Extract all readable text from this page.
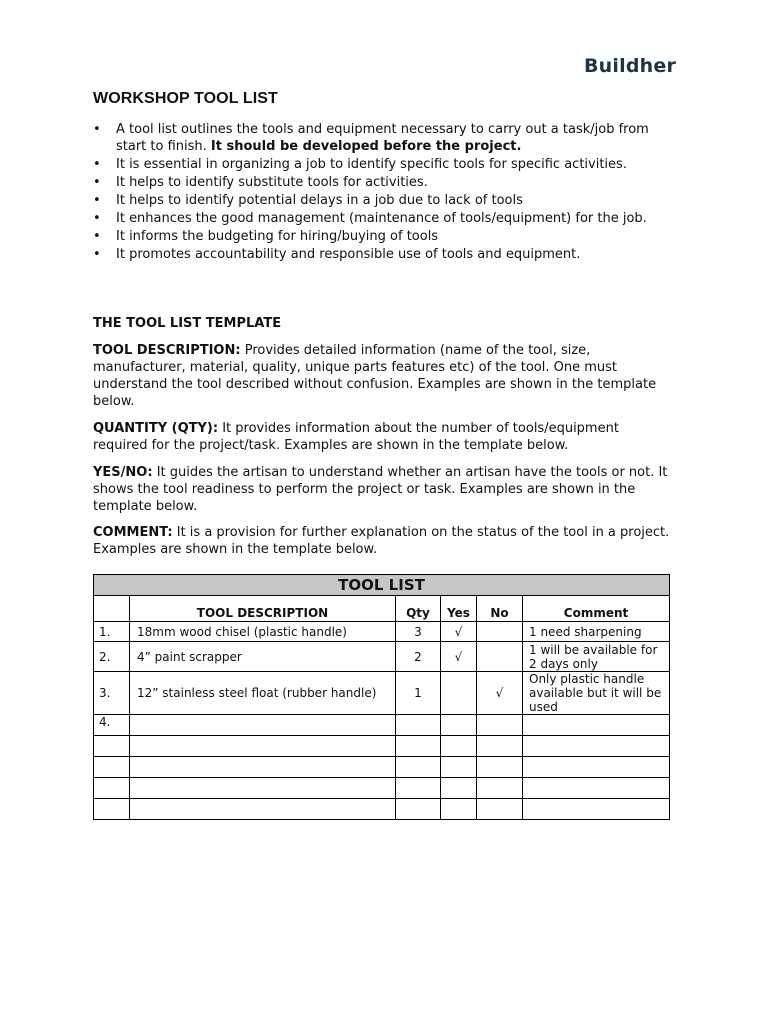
Buildher
WORKSHOP TOOL LIST
• A tool list outlines the tools and equipment necessary to carry out a task/job from start to finish. It should be developed before the project.
• It is essential in organizing a job to identify specific tools for specific activities.
• It helps to identify substitute tools for activities.
• It helps to identify potential delays in a job due to lack of tools
• It enhances the good management (maintenance of tools/equipment) for the job.
• It informs the budgeting for hiring/buying of tools
• It promotes accountability and responsible use of tools and equipment.
THE TOOL LIST TEMPLATE

TOOL DESCRIPTION: Provides detailed information (name of the tool, size, manufacturer, material, quality, unique parts features etc) of the tool. One must understand the tool described without confusion. Examples are shown in the template below.

QUANTITY (QTY): It provides information about the number of tools/equipment required for the project/task. Examples are shown in the template below.

YES/NO: It guides the artisan to understand whether an artisan have the tools or not. It shows the tool readiness to perform the project or task. Examples are shown in the template below.

COMMENT: It is a provision for further explanation on the status of the tool in a project. Examples are shown in the template below.

TOOL LIST					
	TOOL DESCRIPTION	Qty	Yes	No	Comment
1.	18mm wood chisel (plastic handle)	3	√		1 need sharpening
2.	4” paint scrapper	2	√		1 will be available for 2 days only
3.	12” stainless steel float (rubber handle)	1		√	Only plastic handle available but it will be used
4.					
